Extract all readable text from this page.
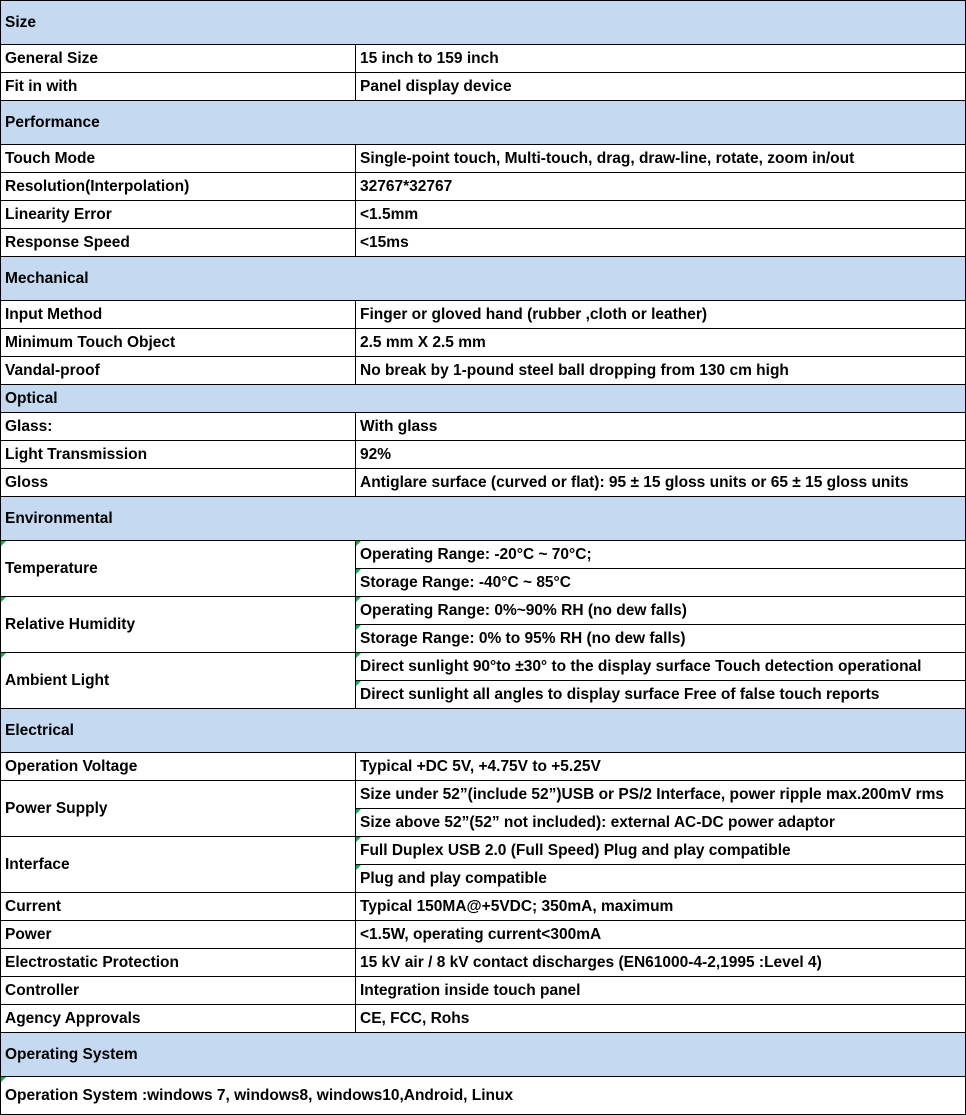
Size	
General Size	15 inch to 159 inch
Fit in with	Panel display device
Performance	
Touch Mode	Single-point touch, Multi-touch, drag, draw-line, rotate, zoom in/out
Resolution(Interpolation)	32767*32767
Linearity Error	<1.5mm
Response Speed	<15ms
Mechanical	
Input Method	Finger or gloved hand (rubber ,cloth or leather)
Minimum Touch Object	2.5 mm X 2.5 mm
Vandal-proof	No break by 1-pound steel ball dropping from 130 cm high
Optical	
Glass:	With glass
Light Transmission	92%
Gloss	Antiglare surface (curved or flat): 95 ± 15 gloss units or 65 ± 15 gloss units
Environmental	
Temperature	Operating Range: -20°C ~ 70°C;
	Storage Range: -40°C ~ 85°C
Relative Humidity	Operating Range: 0%~90% RH (no dew falls)
	Storage Range: 0% to 95% RH (no dew falls)
Ambient Light	Direct sunlight 90°to ±30° to the display surface Touch detection operational
	Direct sunlight all angles to display surface Free of false touch reports
Electrical	
Operation Voltage	Typical +DC 5V, +4.75V to +5.25V
Power Supply	Size under 52”(include 52”)USB or PS/2 Interface, power ripple max.200mV rms
	Size above 52”(52” not included): external AC-DC power adaptor
Interface	Full Duplex USB 2.0 (Full Speed) Plug and play compatible
	Plug and play compatible
Current	Typical 150MA@+5VDC; 350mA, maximum
Power	<1.5W, operating current<300mA
Electrostatic Protection	15 kV air / 8 kV contact discharges (EN61000-4-2,1995 :Level 4)
Controller	Integration inside touch panel
Agency Approvals	CE, FCC, Rohs
Operating System	
Operation System :windows 7, windows8, windows10,Android, Linux	
